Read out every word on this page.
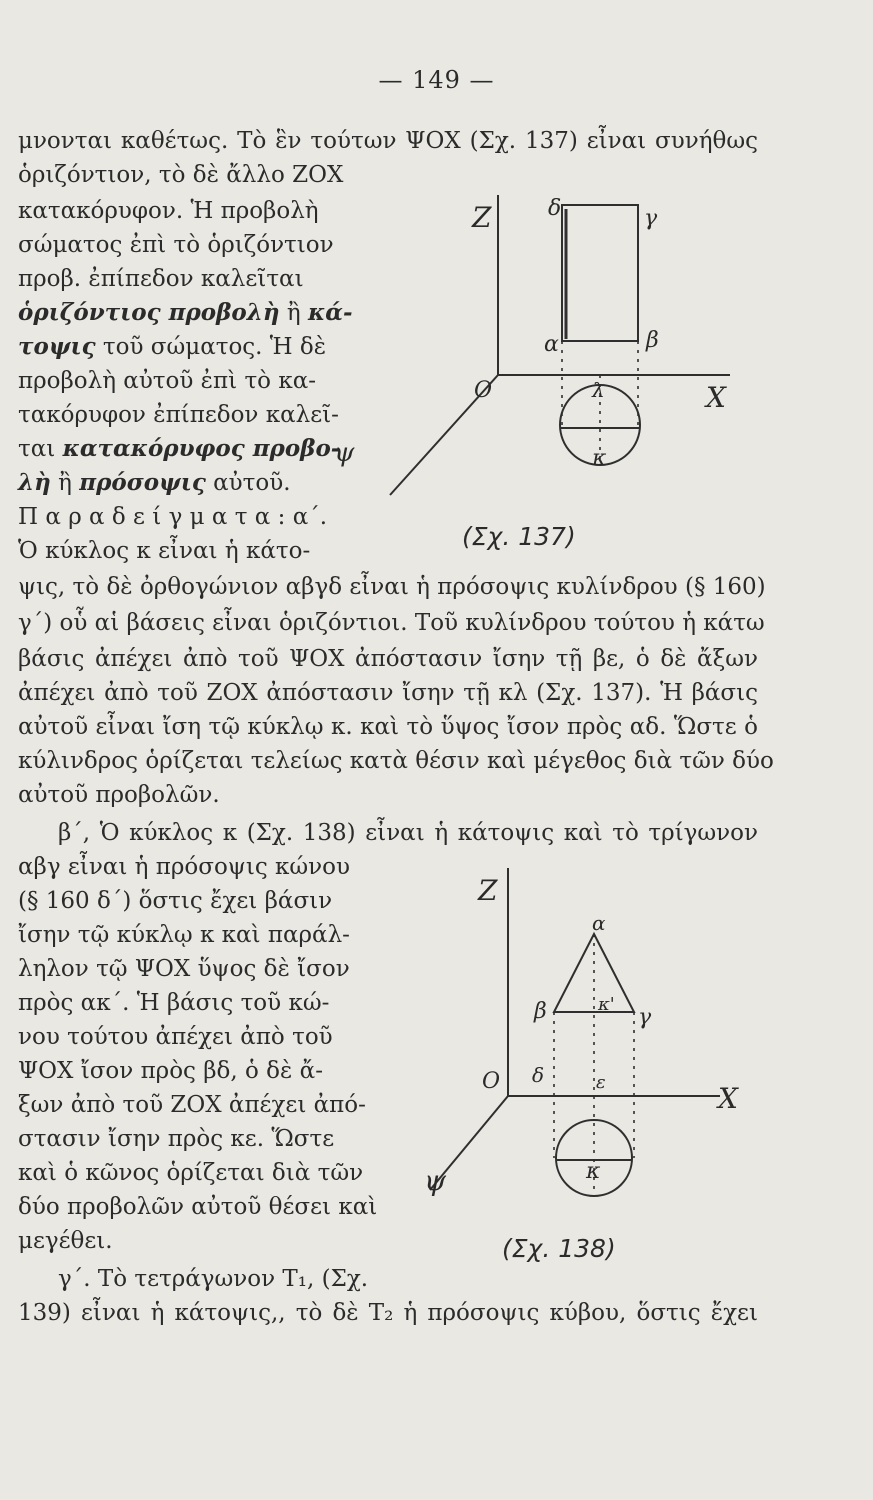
— 149 —
μνονται καθέτως. Τὸ ἓν τούτων ΨΟΧ (Σχ. 137) εἶναι συνήθως
ὁριζόντιον, τὸ δὲ ἄλλο ΖΟΧ
κατακόρυφον. Ἡ προβολὴ
σώματος ἐπὶ τὸ ὁριζόντιον
προβ. ἐπίπεδον καλεῖται
ὁριζόντιος προβολὴ ἢ κά-
τοψις τοῦ σώματος. Ἡ δὲ
προβολὴ αὐτοῦ ἐπὶ τὸ κα-
τακόρυφον ἐπίπεδον καλεῖ-
ται κατακόρυφος προβο-
λὴ ἢ πρόσοψις αὐτοῦ.
Π α ρ α δ ε ί γ μ α τ α : α΄.
Ὁ κύκλος κ εἶναι ἡ κάτο-
ψις, τὸ δὲ ὀρθογώνιον αβγδ εἶναι ἡ πρόσοψις κυλίνδρου (§ 160)
γ΄) οὗ αἱ βάσεις εἶναι ὁριζόντιοι. Τοῦ κυλίνδρου τούτου ἡ κάτω
βάσις ἀπέχει ἀπὸ τοῦ ΨΟΧ ἀπόστασιν ἴσην τῇ βε, ὁ δὲ ἄξων
ἀπέχει ἀπὸ τοῦ ΖΟΧ ἀπόστασιν ἴσην τῇ κλ (Σχ. 137). Ἡ βάσις
αὐτοῦ εἶναι ἴση τῷ κύκλῳ κ. καὶ τὸ ὕψος ἴσον πρὸς αδ. Ὥστε ὁ
κύλινδρος ὁρίζεται τελείως κατὰ θέσιν καὶ μέγεθος διὰ τῶν δύο
αὐτοῦ προβολῶν.
β΄, Ὁ κύκλος κ (Σχ. 138) εἶναι ἡ κάτοψις καὶ τὸ τρίγωνον
αβγ εἶναι ἡ πρόσοψις κώνου
(§ 160 δ΄) ὅστις ἔχει βάσιν
ἴσην τῷ κύκλῳ κ καὶ παράλ-
ληλον τῷ ΨΟΧ ὕψος δὲ ἴσον
πρὸς ακ΄. Ἡ βάσις τοῦ κώ-
νου τούτου ἀπέχει ἀπὸ τοῦ
ΨΟΧ ἴσον πρὸς βδ, ὁ δὲ ἄ-
ξων ἀπὸ τοῦ ΖΟΧ ἀπέχει ἀπό-
στασιν ἴσην πρὸς κε. Ὥστε
καὶ ὁ κῶνος ὁρίζεται διὰ τῶν
δύο προβολῶν αὐτοῦ θέσει καὶ
μεγέθει.
γ΄. Τὸ τετράγωνον Τ₁, (Σχ.
139) εἶναι ἡ κάτοψις,, τὸ δὲ Τ₂ ἡ πρόσοψις κύβου, ὅστις ἔχει
Z	δ	γ
α	β
O	λ	X
κ
ψ
(Σχ. 137)
Z
α
β	κ'
γ
δ	ε
O
X
κ
ψ
(Σχ. 138)
